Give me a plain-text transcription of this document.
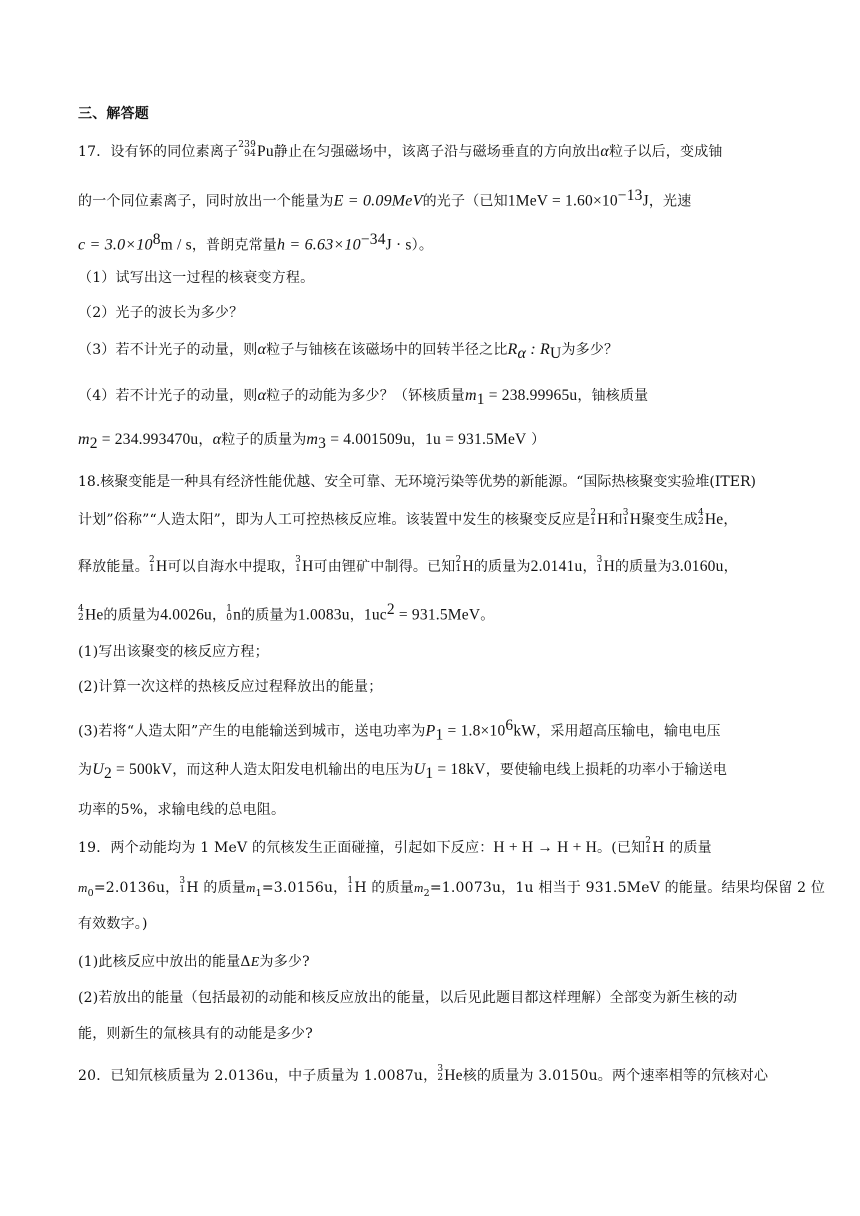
三、解答题
17．设有钚的同位素离子 239
94 Pu静止在匀强磁场中，该离子沿与磁场垂直的方向放出α粒子以后，变成铀
的一个同位素离子，同时放出一个能量为E = 0.09MeV的光子（已知$1MeV = 1.60\times 10^{-13}J$，光速
$c = 3.0\times 10^8m / s$，普朗克常量$h = 6.63\times 10^{-34}J \cdot s$）。
（1）试写出这一过程的核衰变方程。
（2）光子的波长为多少？
（3）若不计光子的动量，则α粒子与铀核在该磁场中的回转半径之比$R_\alpha$ : $R_U$为多少？
（4）若不计光子的动量，则α粒子的动能为多少？（钚核质量$m_1 = 238.99965u$，铀核质量
$m_2 = 234.993470u$，α粒子的质量为$m_3 = 4.001509u$，1u = 931.5MeV ）
18.核聚变能是一种具有经济性能优越、安全可靠、无环境污染等优势的新能源。“国际热核聚变实验堆(ITER)
计划”俗称”“人造太阳”，即为人工可控热核反应堆。该装置中发生的核聚变反应是 2
1 H和 3
1 H聚变生成 4
2 He，
释放能量。 2
1 H可以自海水中提取， 3
1 H可由锂矿中制得。已知 2
1 H的质量为2.0141u， 3
1 H的质量为3.0160u，
4
2 He的质量为4.0026u， 1
0 n的质量为1.0083u，$1uc^2 = 931.5MeV$。
(1)写出该聚变的核反应方程；
(2)计算一次这样的热核反应过程释放出的能量；
(3)若将“人造太阳”产生的电能输送到城市，送电功率为$P_1 = 1.8\times 10^6kW$，采用超高压输电，输电电压
为$U_2 = 500kV$，而这种人造太阳发电机输出的电压为$U_1 = 18kV$，要使输电线上损耗的功率小于输送电
功率的5%，求输电线的总电阻。
19．两个动能均为 1 MeV 的氘核发生正面碰撞，引起如下反应：H + H → H + H。(已知 2
1 H 的质量
$m_0=2.0136u$， 3
1 H 的质量$m_1=3.0156u$， 1
1 H 的质量$m_2=1.0073u$，1u 相当于 931.5MeV 的能量。结果均保留 2 位
有效数字。)
(1)此核反应中放出的能量ΔE为多少?
(2)若放出的能量（包括最初的动能和核反应放出的能量，以后见此题目都这样理解）全部变为新生核的动
能，则新生的氚核具有的动能是多少?
20．已知氘核质量为 2.0136u，中子质量为 1.0087u， 3
2 He核的质量为 3.0150u。两个速率相等的氘核对心
